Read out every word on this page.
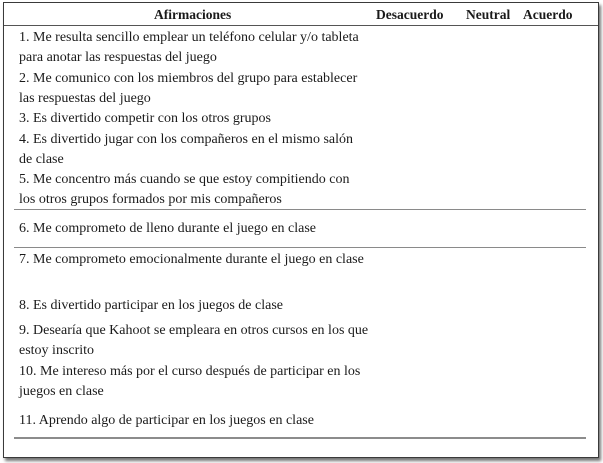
Afirmaciones	Desacuerdo Neutral Acuerdo

1. Me resulta sencillo emplear un teléfono celular y/o tableta para anotar las respuestas del juego

2. Me comunico con los miembros del grupo para establecer las respuestas del juego

3. Es divertido competir con los otros grupos

4. Es divertido jugar con los compañeros en el mismo salón de clase

5. Me concentro más cuando se que estoy compitiendo con los otros grupos formados por mis compañeros

6. Me comprometo de lleno durante el juego en clase

7. Me comprometo emocionalmente durante el juego en clase

8. Es divertido participar en los juegos de clase

9. Desearía que Kahoot se empleara en otros cursos en los que estoy inscrito

10. Me intereso más por el curso después de participar en los juegos en clase

11. Aprendo algo de participar en los juegos en clase
